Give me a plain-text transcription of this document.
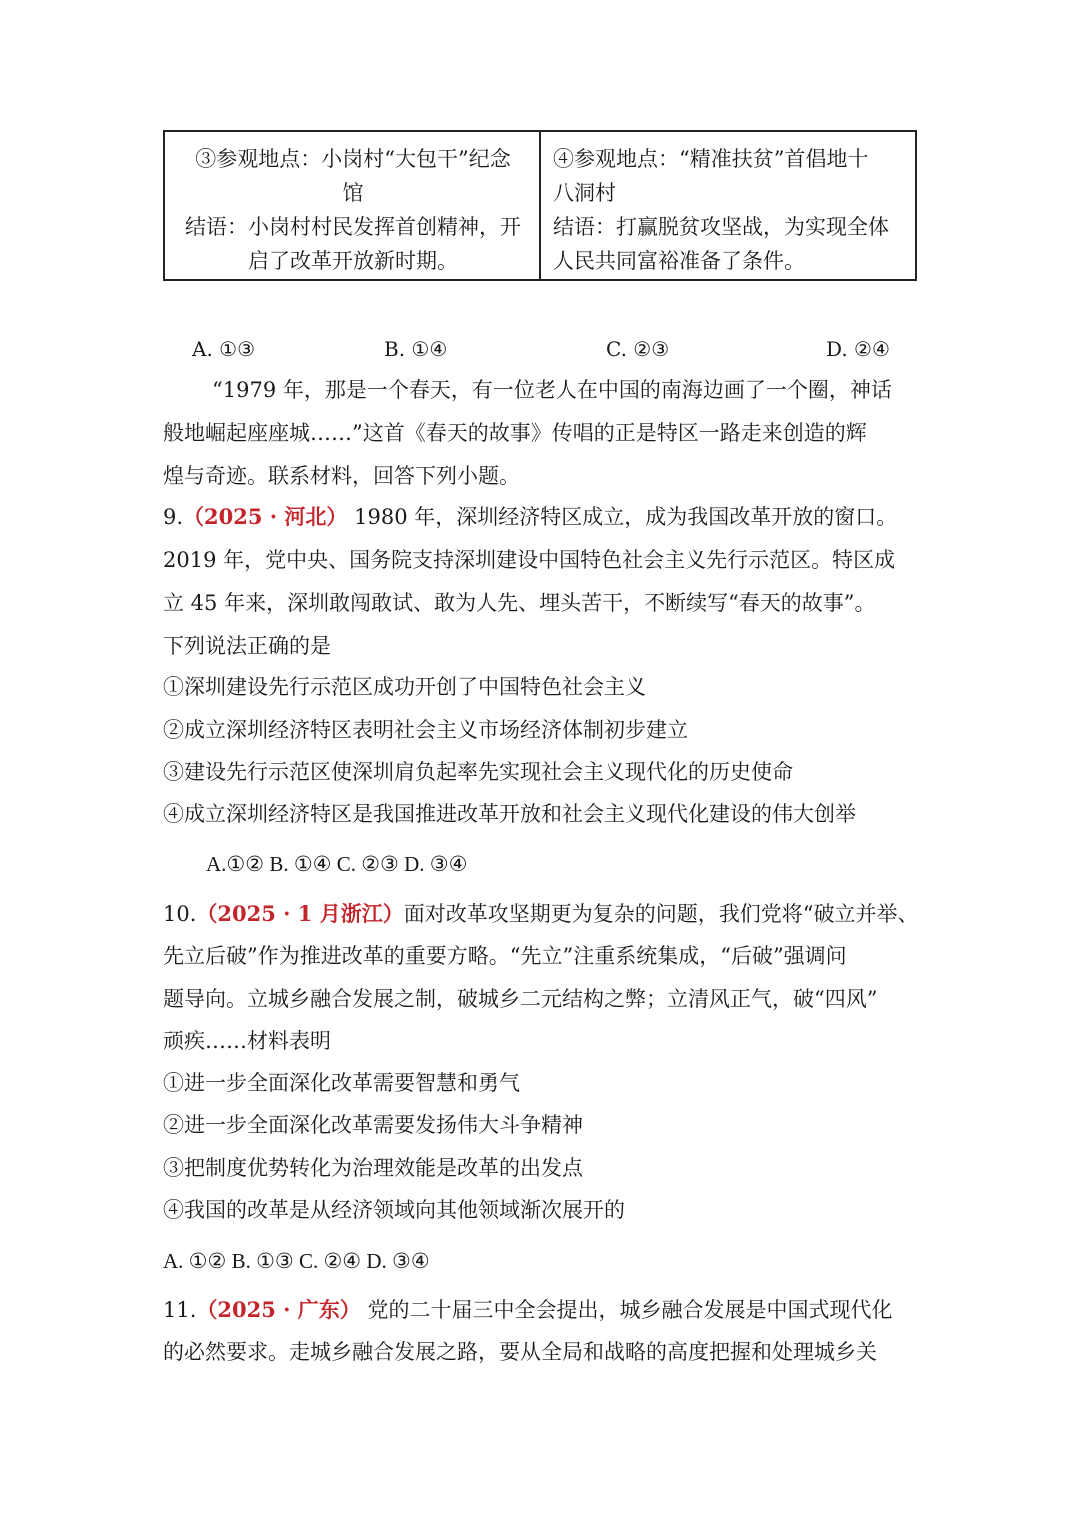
③参观地点：小岗村“大包干”纪念
馆
结语：小岗村村民发挥首创精神，开
启了改革开放新时期。
④参观地点：“精准扶贫”首倡地十
八洞村
结语：打赢脱贫攻坚战，为实现全体
人民共同富裕准备了条件。
A. ①③	B. ①④	C. ②③	D. ②④
“1979 年，那是一个春天，有一位老人在中国的南海边画了一个圈，神话
般地崛起座座城……”这首《春天的故事》传唱的正是特区一路走来创造的辉
煌与奇迹。联系材料，回答下列小题。
9.（2025 · 河北） 1980 年，深圳经济特区成立，成为我国改革开放的窗口。
2019 年，党中央、国务院支持深圳建设中国特色社会主义先行示范区。特区成
立 45 年来，深圳敢闯敢试、敢为人先、埋头苦干，不断续写“春天的故事”。
下列说法正确的是
①深圳建设先行示范区成功开创了中国特色社会主义
②成立深圳经济特区表明社会主义市场经济体制初步建立
③建设先行示范区使深圳肩负起率先实现社会主义现代化的历史使命
④成立深圳经济特区是我国推进改革开放和社会主义现代化建设的伟大创举
A.①② B. ①④ C. ②③ D. ③④
10.（2025 · 1 月浙江）面对改革攻坚期更为复杂的问题，我们党将“破立并举、
先立后破”作为推进改革的重要方略。“先立”注重系统集成，“后破”强调问
题导向。立城乡融合发展之制，破城乡二元结构之弊；立清风正气，破“四风”
顽疾……材料表明
①进一步全面深化改革需要智慧和勇气
②进一步全面深化改革需要发扬伟大斗争精神
③把制度优势转化为治理效能是改革的出发点
④我国的改革是从经济领域向其他领域渐次展开的
A. ①② B. ①③ C. ②④ D. ③④
11.（2025 · 广东） 党的二十届三中全会提出，城乡融合发展是中国式现代化
的必然要求。走城乡融合发展之路，要从全局和战略的高度把握和处理城乡关
